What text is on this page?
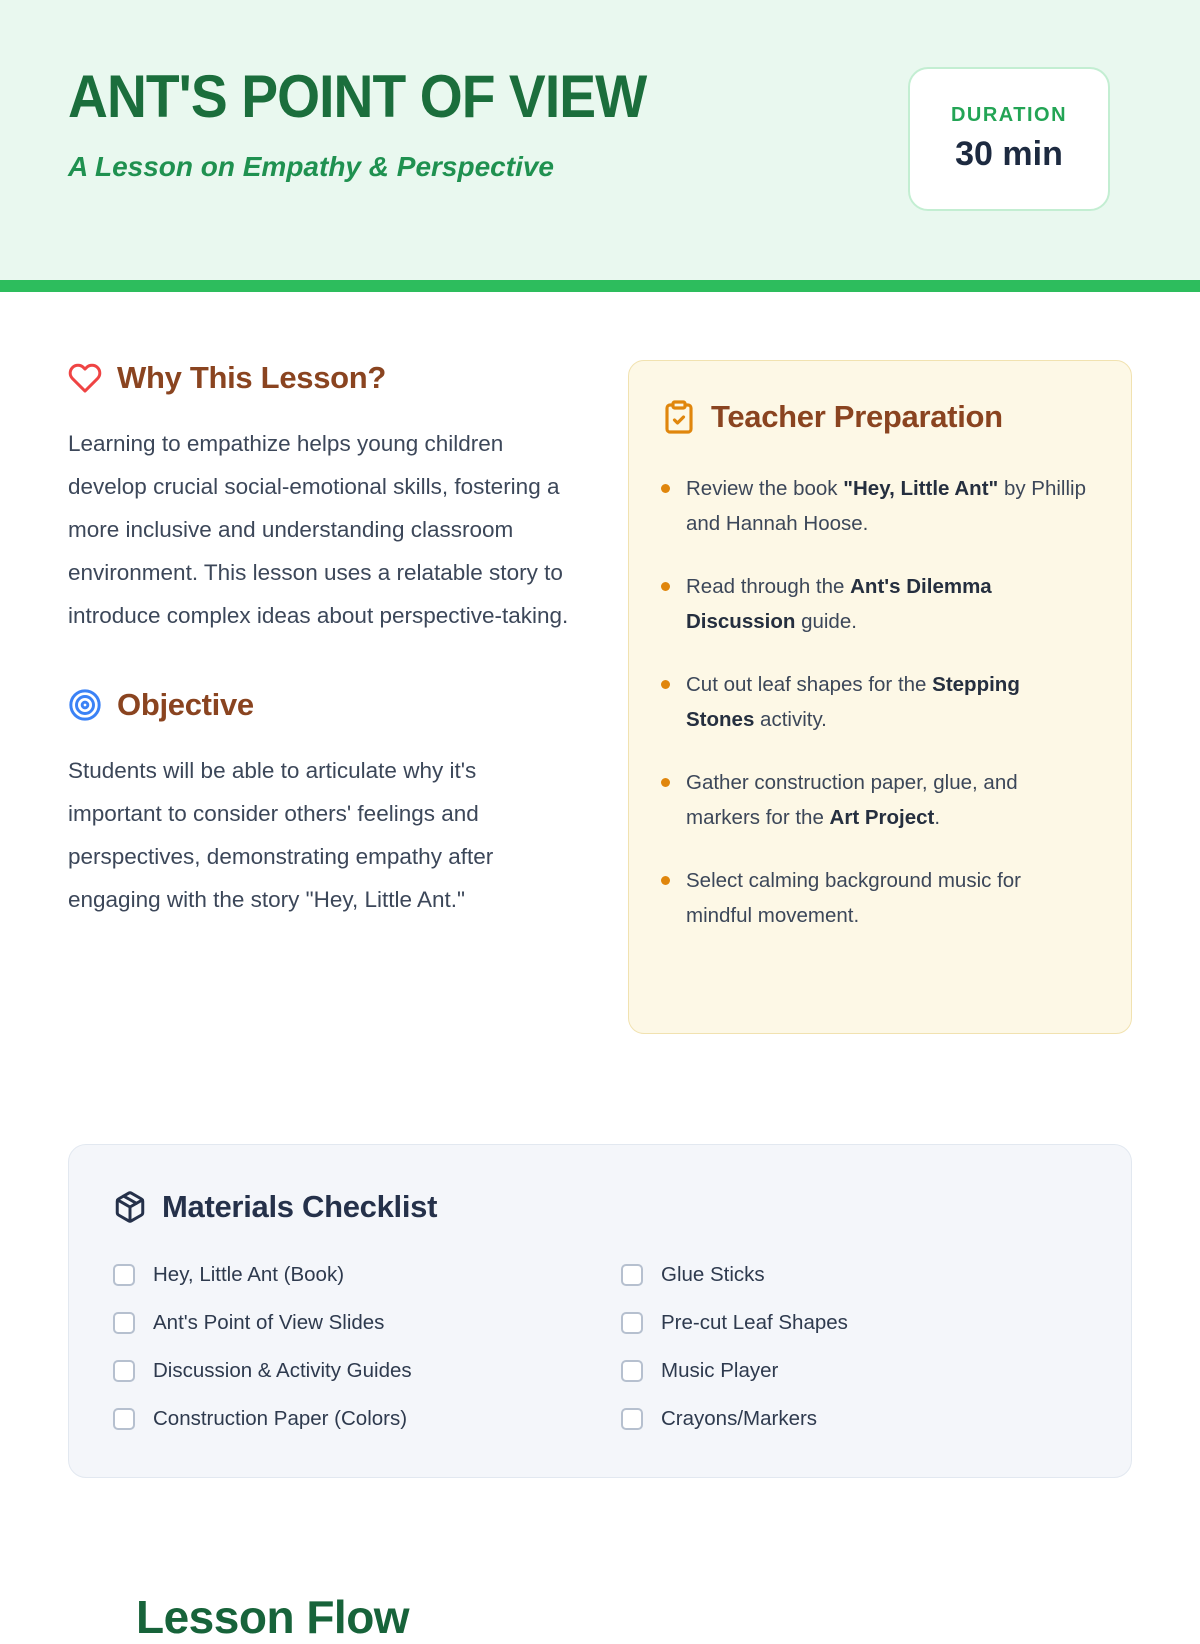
ANT'S POINT OF VIEW

A Lesson on Empathy & Perspective

DURATION
30 min
Why This Lesson?

Learning to empathize helps young children develop crucial social-emotional skills, fostering a more inclusive and understanding classroom environment. This lesson uses a relatable story to introduce complex ideas about perspective-taking.

Objective

Students will be able to articulate why it's important to consider others' feelings and perspectives, demonstrating empathy after engaging with the story "Hey, Little Ant."

Teacher Preparation
Review the book "Hey, Little Ant" by Phillip and Hannah Hoose.
Read through the Ant's Dilemma Discussion guide.
Cut out leaf shapes for the Stepping Stones activity.
Gather construction paper, glue, and markers for the Art Project.
Select calming background music for mindful movement.
Materials Checklist
Hey, Little Ant (Book)	Glue Sticks
Ant's Point of View Slides	Pre-cut Leaf Shapes
Discussion & Activity Guides	Music Player
Construction Paper (Colors)	Crayons/Markers
Lesson Flow
